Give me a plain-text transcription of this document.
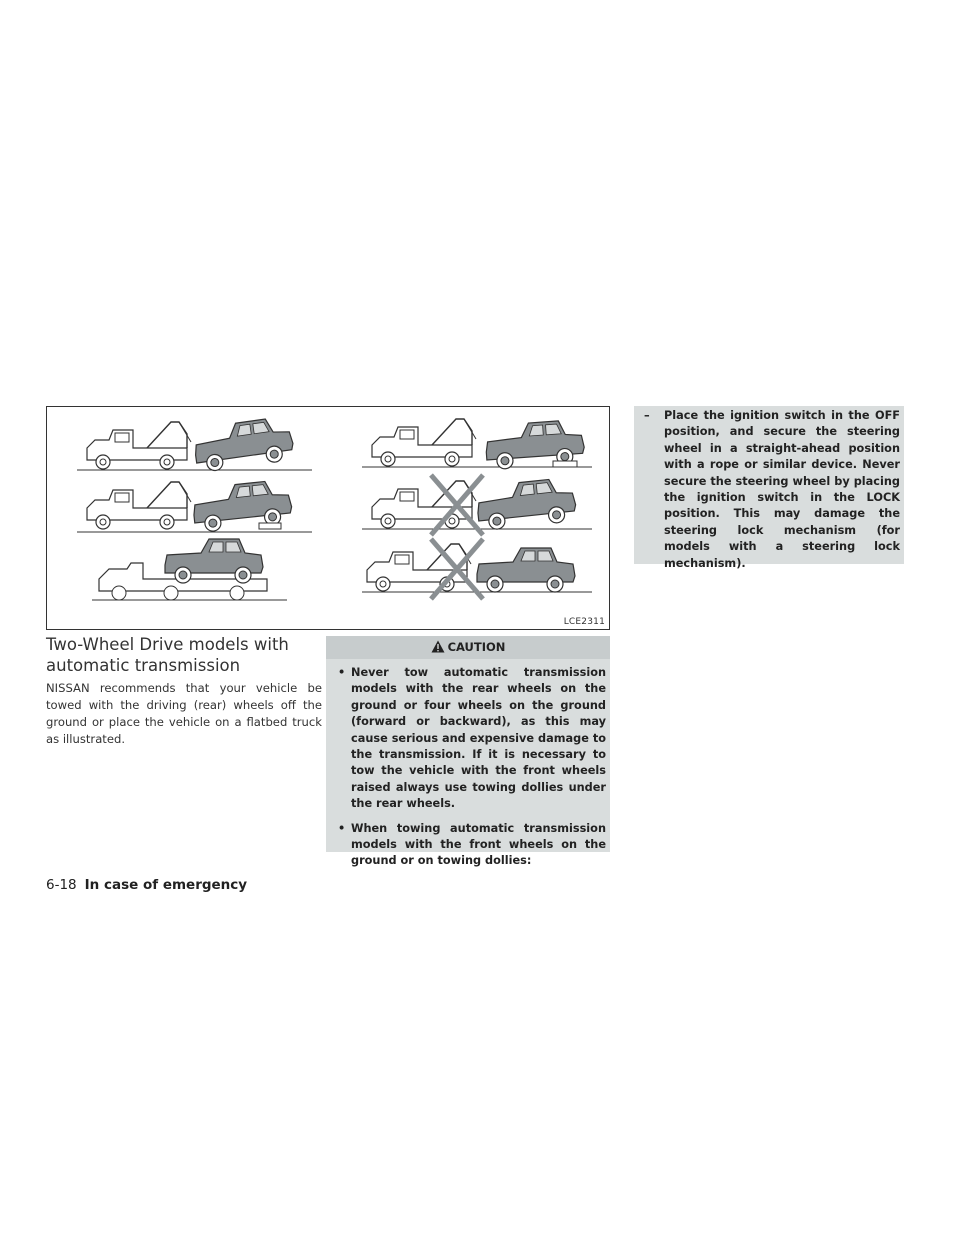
LCE2311
Two-Wheel Drive models with automatic transmission
NISSAN recommends that your vehicle be towed with the driving (rear) wheels off the ground or place the vehicle on a flatbed truck as illustrated.
CAUTION
• Never tow automatic transmission models with the rear wheels on the ground or four wheels on the ground (forward or backward), as this may cause serious and expensive damage to the transmission. If it is necessary to tow the vehicle with the front wheels raised always use towing dollies under the rear wheels.
• When towing automatic transmission models with the front wheels on the ground or on towing dollies:

– Place the ignition switch in the OFF position, and secure the steering wheel in a straight-ahead position with a rope or similar device. Never secure the steering wheel by placing the ignition switch in the LOCK position. This may damage the steering lock mechanism (for models with a steering lock mechanism).

6-18 In case of emergency
